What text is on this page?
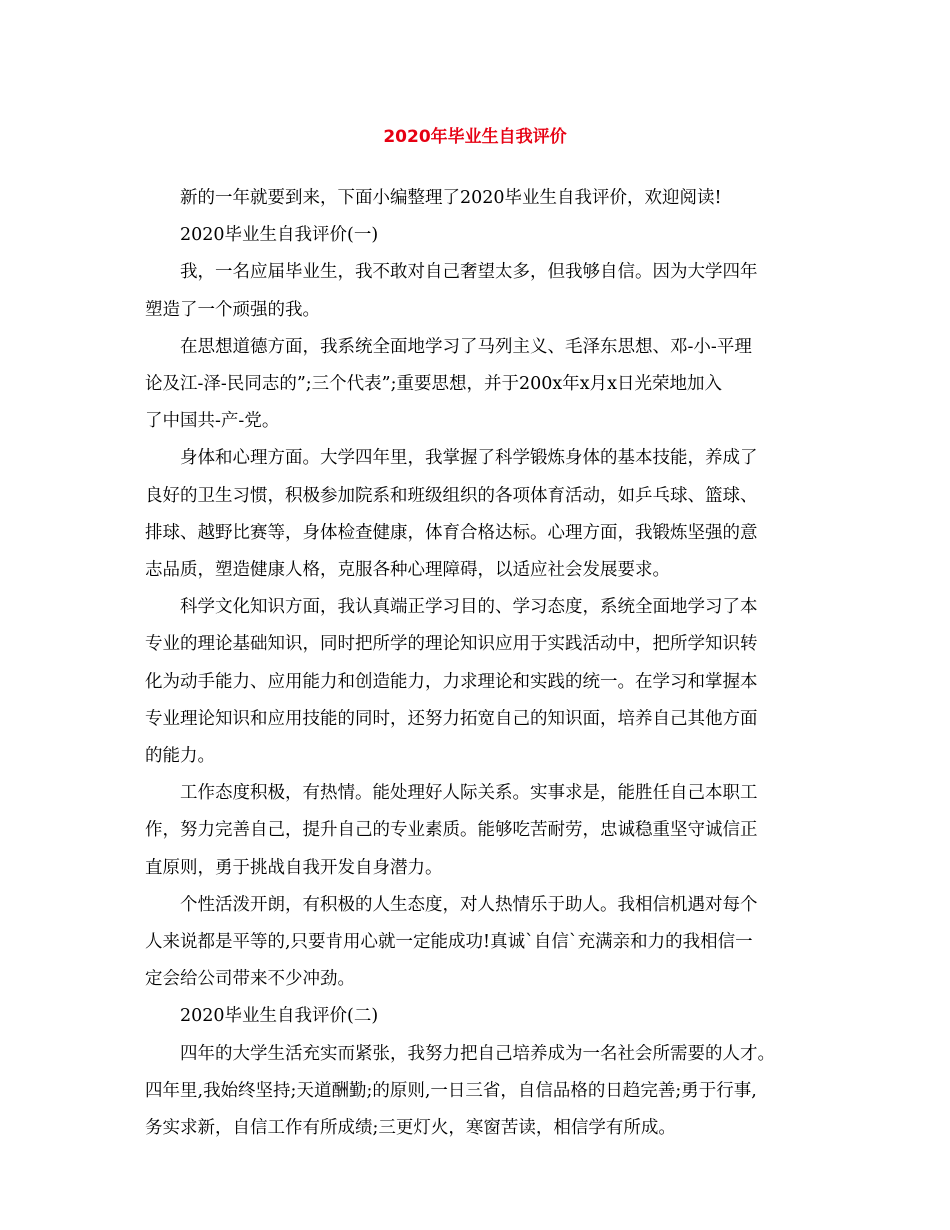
2020年毕业生自我评价
新的一年就要到来，下面小编整理了2020毕业生自我评价，欢迎阅读!
2020毕业生自我评价(一)
我，一名应届毕业生，我不敢对自己奢望太多，但我够自信。因为大学四年
塑造了一个顽强的我。
在思想道德方面，我系统全面地学习了马列主义、毛泽东思想、邓-小-平理
论及江-泽-民同志的”;三个代表”;重要思想，并于200x年x月x日光荣地加入
了中国共-产-党。
身体和心理方面。大学四年里，我掌握了科学锻炼身体的基本技能，养成了
良好的卫生习惯，积极参加院系和班级组织的各项体育活动，如乒乓球、篮球、
排球、越野比赛等，身体检查健康，体育合格达标。心理方面，我锻炼坚强的意
志品质，塑造健康人格，克服各种心理障碍，以适应社会发展要求。
科学文化知识方面，我认真端正学习目的、学习态度，系统全面地学习了本
专业的理论基础知识，同时把所学的理论知识应用于实践活动中，把所学知识转
化为动手能力、应用能力和创造能力，力求理论和实践的统一。在学习和掌握本
专业理论知识和应用技能的同时，还努力拓宽自己的知识面，培养自己其他方面
的能力。
工作态度积极，有热情。能处理好人际关系。实事求是，能胜任自己本职工
作，努力完善自己，提升自己的专业素质。能够吃苦耐劳，忠诚稳重坚守诚信正
直原则，勇于挑战自我开发自身潜力。
个性活泼开朗，有积极的人生态度，对人热情乐于助人。我相信机遇对每个
人来说都是平等的,只要肯用心就一定能成功!真诚`自信`充满亲和力的我相信一
定会给公司带来不少冲劲。
2020毕业生自我评价(二)
四年的大学生活充实而紧张，我努力把自己培养成为一名社会所需要的人才。
四年里,我始终坚持;天道酬勤;的原则,一日三省，自信品格的日趋完善;勇于行事,
务实求新，自信工作有所成绩;三更灯火，寒窗苦读，相信学有所成。
